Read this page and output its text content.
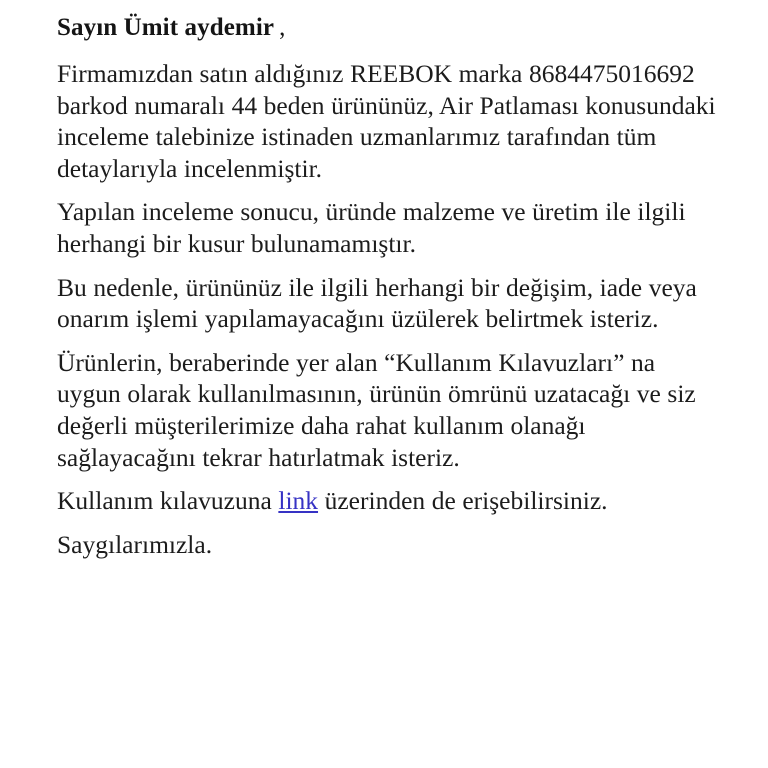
Sayın Ümit aydemir ,

Firmamızdan satın aldığınız REEBOK marka 8684475016692 barkod numaralı 44 beden ürününüz, Air Patlaması konusundaki inceleme talebinize istinaden uzmanlarımız tarafından tüm detaylarıyla incelenmiştir.

Yapılan inceleme sonucu, üründe malzeme ve üretim ile ilgili herhangi bir kusur bulunamamıştır.

Bu nedenle, ürününüz ile ilgili herhangi bir değişim, iade veya onarım işlemi yapılamayacağını üzülerek belirtmek isteriz.

Ürünlerin, beraberinde yer alan “Kullanım Kılavuzları” na uygun olarak kullanılmasının, ürünün ömrünü uzatacağı ve siz değerli müşterilerimize daha rahat kullanım olanağı sağlayacağını tekrar hatırlatmak isteriz.

Kullanım kılavuzuna link üzerinden de erişebilirsiniz.

Saygılarımızla.
